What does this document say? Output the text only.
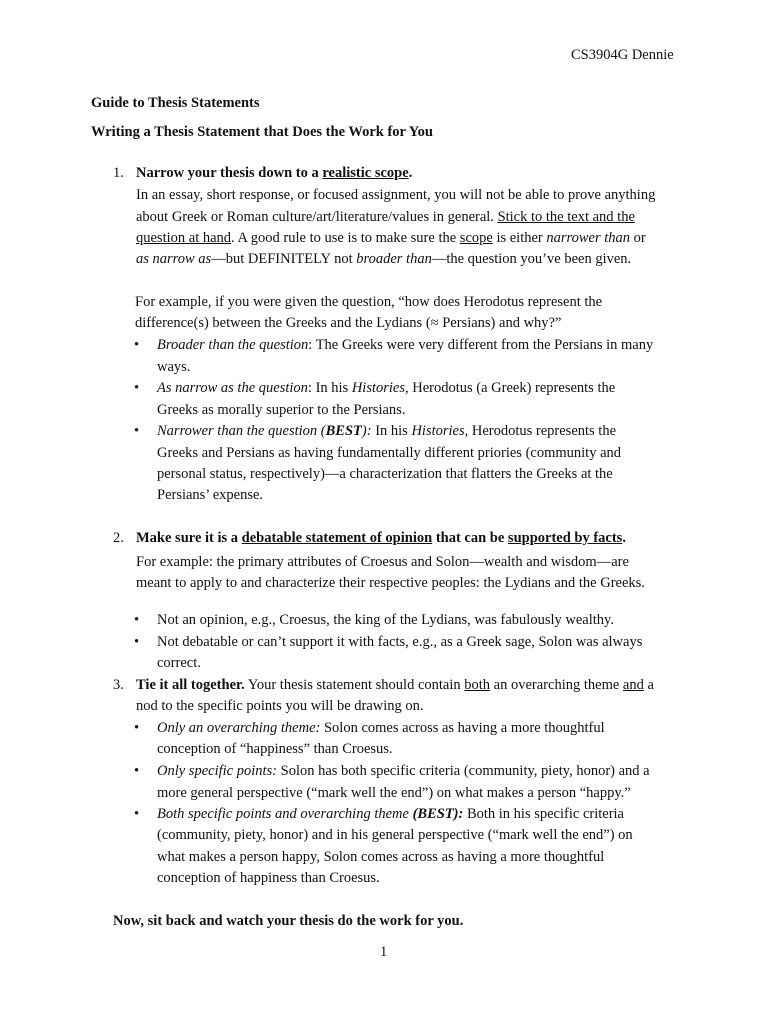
CS3904G Dennie
Guide to Thesis Statements
Writing a Thesis Statement that Does the Work for You
1. Narrow your thesis down to a realistic scope.
In an essay, short response, or focused assignment, you will not be able to prove anything
about Greek or Roman culture/art/literature/values in general. Stick to the text and the
question at hand. A good rule to use is to make sure the scope is either narrower than or
as narrow as—but DEFINITELY not broader than—the question you’ve been given.
For example, if you were given the question, “how does Herodotus represent the
difference(s) between the Greeks and the Lydians (≈ Persians) and why?”
•	Broader than the question: The Greeks were very different from the Persians in many
ways.
•	As narrow as the question: In his Histories, Herodotus (a Greek) represents the
Greeks as morally superior to the Persians.
•	Narrower than the question (BEST): In his Histories, Herodotus represents the
Greeks and Persians as having fundamentally different priories (community and
personal status, respectively)—a characterization that flatters the Greeks at the
Persians’ expense.
2. Make sure it is a debatable statement of opinion that can be supported by facts.
For example: the primary attributes of Croesus and Solon—wealth and wisdom—are
meant to apply to and characterize their respective peoples: the Lydians and the Greeks.
•	Not an opinion, e.g., Croesus, the king of the Lydians, was fabulously wealthy.
•	Not debatable or can’t support it with facts, e.g., as a Greek sage, Solon was always
correct.
3. Tie it all together. Your thesis statement should contain both an overarching theme and a
nod to the specific points you will be drawing on.
•	Only an overarching theme: Solon comes across as having a more thoughtful
conception of “happiness” than Croesus.
•	Only specific points: Solon has both specific criteria (community, piety, honor) and a
more general perspective (“mark well the end”) on what makes a person “happy.”
•	Both specific points and overarching theme (BEST): Both in his specific criteria
(community, piety, honor) and in his general perspective (“mark well the end”) on
what makes a person happy, Solon comes across as having a more thoughtful
conception of happiness than Croesus.
Now, sit back and watch your thesis do the work for you.
1
